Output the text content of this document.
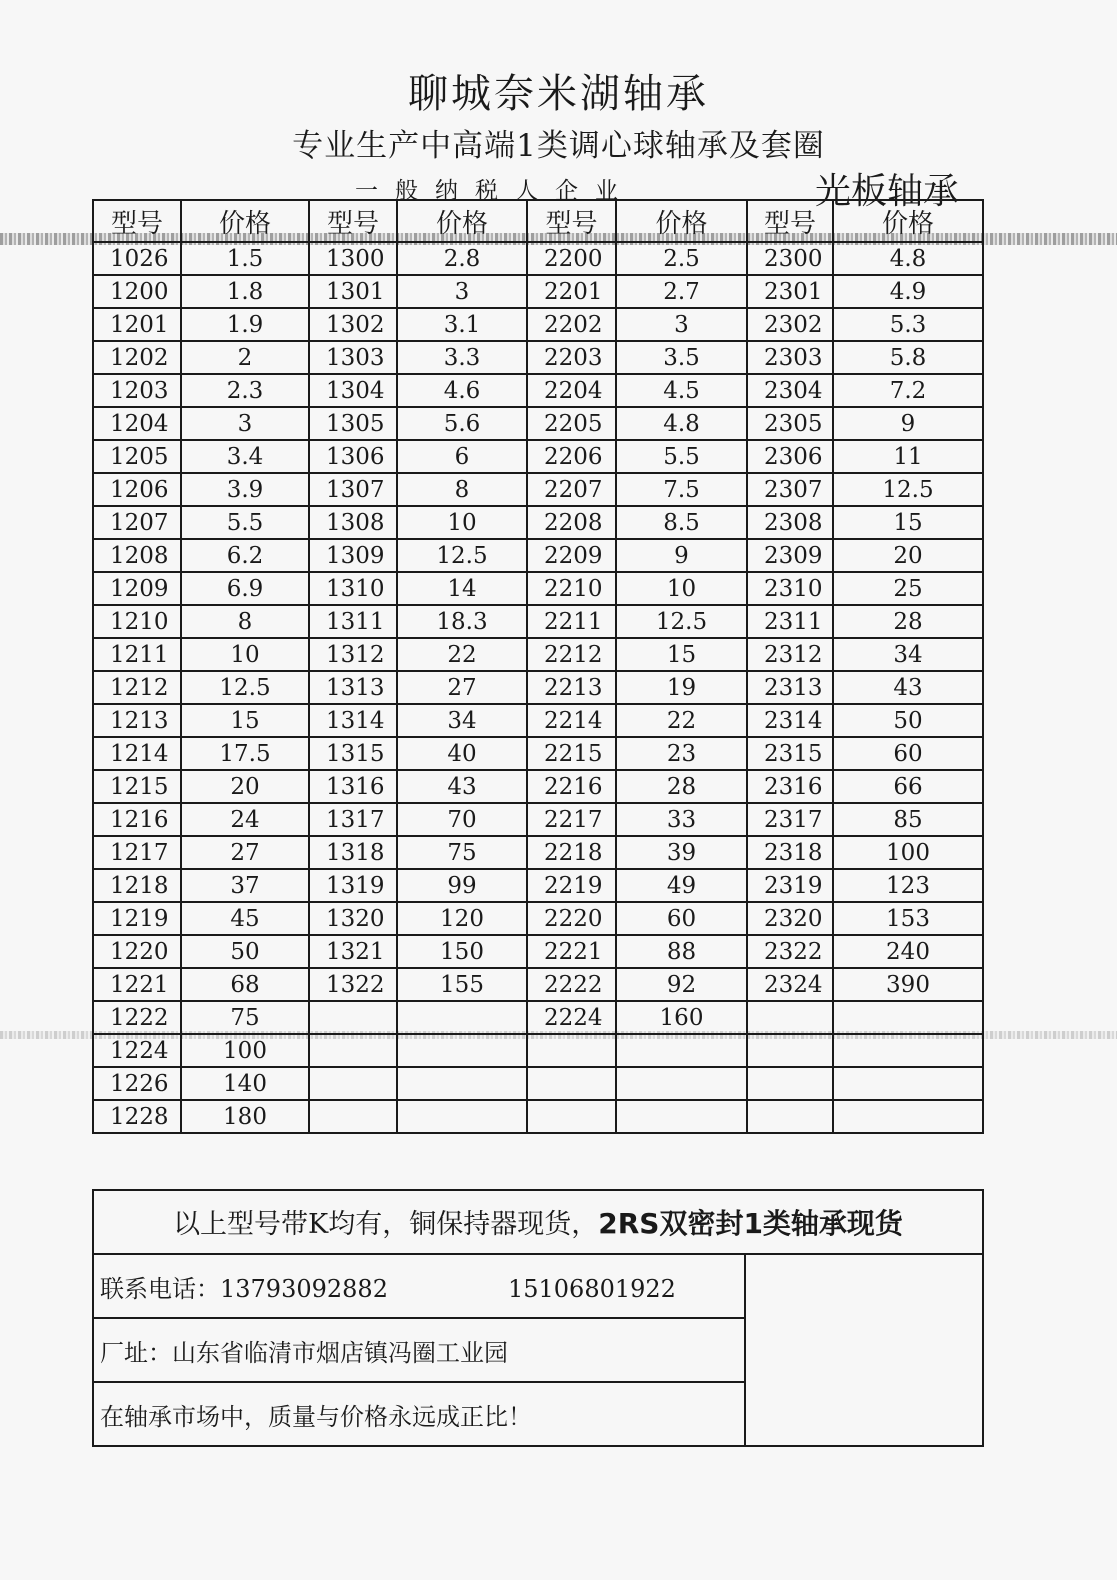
聊城奈米湖轴承
专业生产中高端1类调心球轴承及套圈
一般纳税人企业	光板轴承
型号	价格	型号	价格	型号	价格	型号	价格
1026	1.5	1300	2.8	2200	2.5	2300	4.8
1200	1.8	1301	3	2201	2.7	2301	4.9
1201	1.9	1302	3.1	2202	3	2302	5.3
1202	2	1303	3.3	2203	3.5	2303	5.8
1203	2.3	1304	4.6	2204	4.5	2304	7.2
1204	3	1305	5.6	2205	4.8	2305	9
1205	3.4	1306	6	2206	5.5	2306	11
1206	3.9	1307	8	2207	7.5	2307	12.5
1207	5.5	1308	10	2208	8.5	2308	15
1208	6.2	1309	12.5	2209	9	2309	20
1209	6.9	1310	14	2210	10	2310	25
1210	8	1311	18.3	2211	12.5	2311	28
1211	10	1312	22	2212	15	2312	34
1212	12.5	1313	27	2213	19	2313	43
1213	15	1314	34	2214	22	2314	50
1214	17.5	1315	40	2215	23	2315	60
1215	20	1316	43	2216	28	2316	66
1216	24	1317	70	2217	33	2317	85
1217	27	1318	75	2218	39	2318	100
1218	37	1319	99	2219	49	2319	123
1219	45	1320	120	2220	60	2320	153
1220	50	1321	150	2221	88	2322	240
1221	68	1322	155	2222	92	2324	390
1222	75			2224	160		
1224	100						
1226	140						
1228	180						
以上型号带K均有，铜保持器现货，2RS双密封1类轴承现货
联系电话：13793092882	15106801922	
厂址：山东省临清市烟店镇冯圈工业园
在轴承市场中，质量与价格永远成正比！
